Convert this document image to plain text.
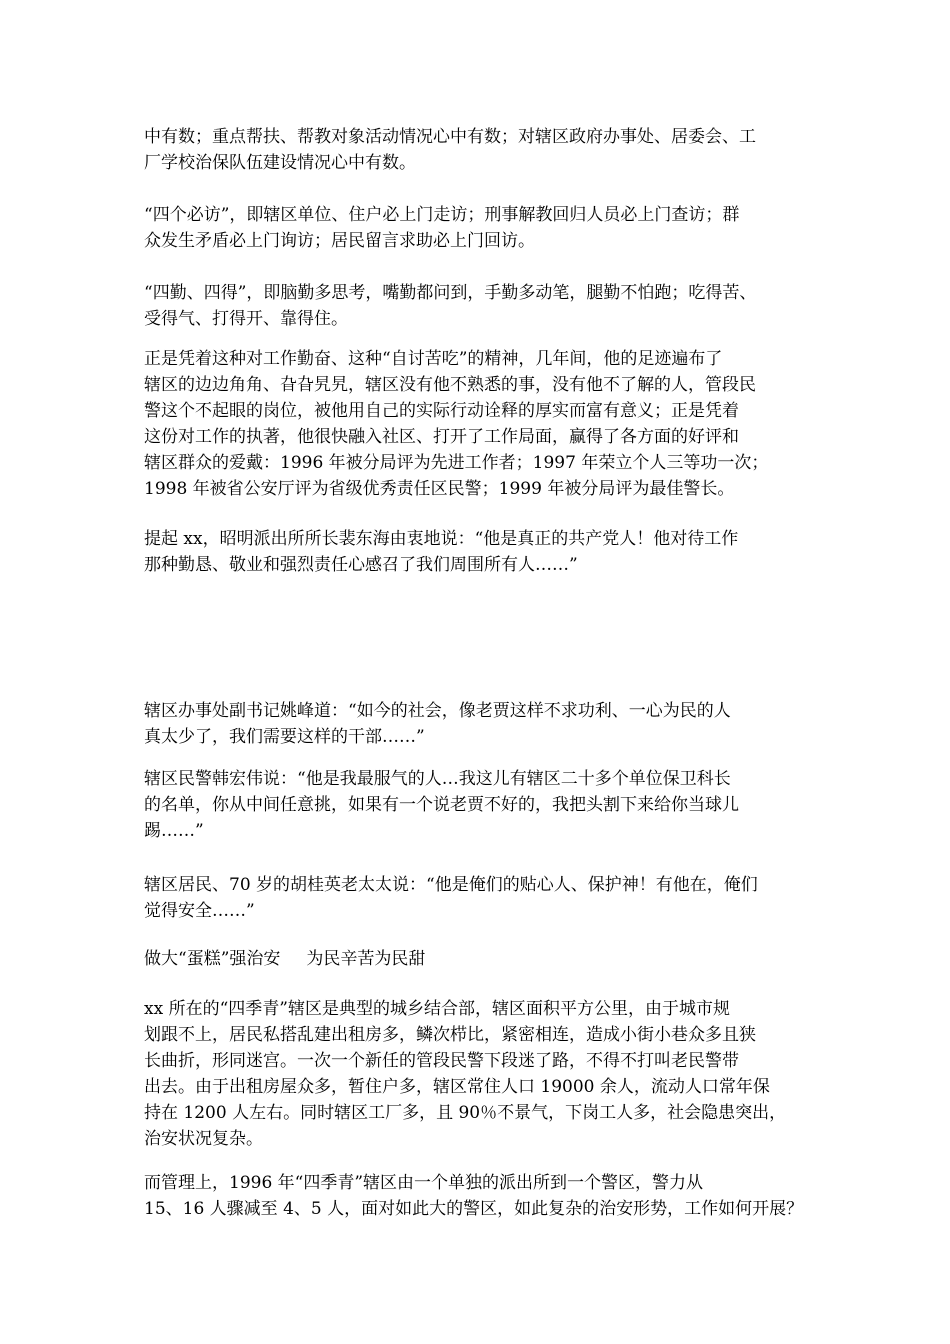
中有数；重点帮扶、帮教对象活动情况心中有数；对辖区政府办事处、居委会、工
厂学校治保队伍建设情况心中有数。

“四个必访”，即辖区单位、住户必上门走访；刑事解教回归人员必上门查访；群
众发生矛盾必上门询访；居民留言求助必上门回访。

“四勤、四得”，即脑勤多思考，嘴勤都问到，手勤多动笔，腿勤不怕跑；吃得苦、
受得气、打得开、靠得住。

正是凭着这种对工作勤奋、这种“自讨苦吃”的精神，几年间，他的足迹遍布了
辖区的边边角角、旮旮旯旯，辖区没有他不熟悉的事，没有他不了解的人，管段民
警这个不起眼的岗位，被他用自己的实际行动诠释的厚实而富有意义；正是凭着
这份对工作的执著，他很快融入社区、打开了工作局面，赢得了各方面的好评和
辖区群众的爱戴：1996 年被分局评为先进工作者；1997 年荣立个人三等功一次；
1998 年被省公安厅评为省级优秀责任区民警；1999 年被分局评为最佳警长。

提起 xx，昭明派出所所长裴东海由衷地说：“他是真正的共产党人！他对待工作
那种勤恳、敬业和强烈责任心感召了我们周围所有人……”

辖区办事处副书记姚峰道：“如今的社会，像老贾这样不求功利、一心为民的人
真太少了，我们需要这样的干部……”

辖区民警韩宏伟说：“他是我最服气的人…我这儿有辖区二十多个单位保卫科长
的名单，你从中间任意挑，如果有一个说老贾不好的，我把头割下来给你当球儿
踢……”

辖区居民、70 岁的胡桂英老太太说：“他是俺们的贴心人、保护神！有他在，俺们
觉得安全……”

做大“蛋糕”强治安 为民辛苦为民甜

xx 所在的“四季青”辖区是典型的城乡结合部，辖区面积平方公里，由于城市规
划跟不上，居民私搭乱建出租房多，鳞次栉比，紧密相连，造成小街小巷众多且狭
长曲折，形同迷宫。一次一个新任的管段民警下段迷了路，不得不打叫老民警带
出去。由于出租房屋众多，暂住户多，辖区常住人口 19000 余人，流动人口常年保
持在 1200 人左右。同时辖区工厂多，且 90％不景气，下岗工人多，社会隐患突出，
治安状况复杂。

而管理上，1996 年“四季青”辖区由一个单独的派出所到一个警区，警力从
15、16 人骤减至 4、5 人，面对如此大的警区，如此复杂的治安形势，工作如何开展？
